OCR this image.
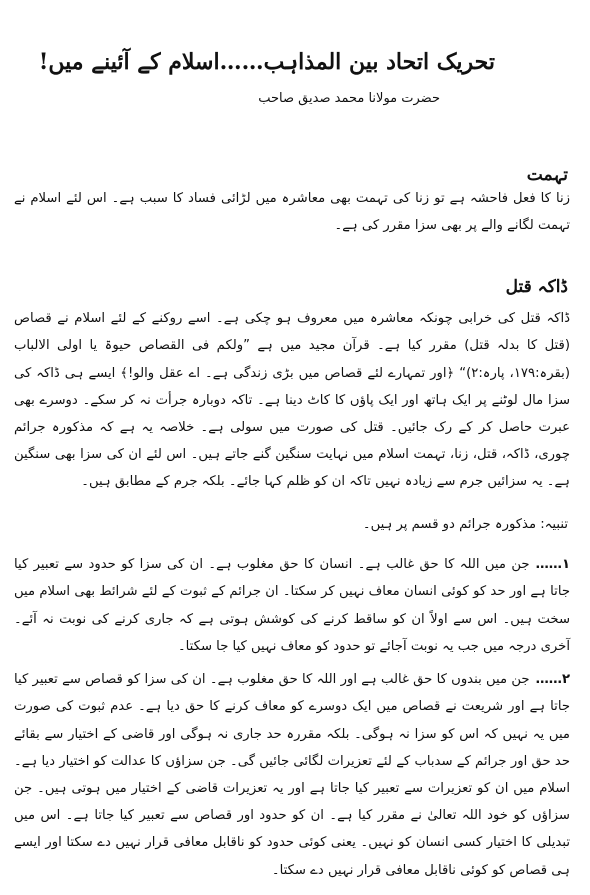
تحریک اتحاد بین المذاہب……اسلام کے آئینے میں!
حضرت مولانا محمد صدیق صاحب
تہمت

زنا کا فعل فاحشہ ہے تو زنا کی تہمت بھی معاشرہ میں لڑائی فساد کا سبب ہے۔ اس لئے اسلام نے تہمت لگانے والے پر بھی سزا مقرر کی ہے۔

ڈاکہ قتل

ڈاکہ قتل کی خرابی چونکہ معاشرہ میں معروف ہو چکی ہے۔ اسے روکنے کے لئے اسلام نے قصاص (قتل کا بدلہ قتل) مقرر کیا ہے۔ قرآن مجید میں ہے ”ولکم فی القصاص حیوۃ یا اولی الالباب (بقرہ:۱۷۹، پارہ:۲)“ ﴿اور تمہارے لئے قصاص میں بڑی زندگی ہے۔ اے عقل والو!﴾ ایسے ہی ڈاکہ کی سزا مال لوٹنے پر ایک ہاتھ اور ایک پاؤں کا کاٹ دینا ہے۔ تاکہ دوبارہ جرأت نہ کر سکے۔ دوسرے بھی عبرت حاصل کر کے رک جائیں۔ قتل کی صورت میں سولی ہے۔ خلاصہ یہ ہے کہ مذکورہ جرائم چوری، ڈاکہ، قتل، زنا، تہمت اسلام میں نہایت سنگین گنے جاتے ہیں۔ اس لئے ان کی سزا بھی سنگین ہے۔ یہ سزائیں جرم سے زیادہ نہیں تاکہ ان کو ظلم کہا جائے۔ بلکہ جرم کے مطابق ہیں۔

تنبیہ: مذکورہ جرائم دو قسم پر ہیں۔

۱……جن میں اللہ کا حق غالب ہے۔ انسان کا حق مغلوب ہے۔ ان کی سزا کو حدود سے تعبیر کیا جاتا ہے اور حد کو کوئی انسان معاف نہیں کر سکتا۔ ان جرائم کے ثبوت کے لئے شرائط بھی اسلام میں سخت ہیں۔ اس سے اولاً ان کو ساقط کرنے کی کوشش ہوتی ہے کہ جاری کرنے کی نوبت نہ آئے۔ آخری درجہ میں جب یہ نوبت آجائے تو حدود کو معاف نہیں کیا جا سکتا۔

۲……جن میں بندوں کا حق غالب ہے اور اللہ کا حق مغلوب ہے۔ ان کی سزا کو قصاص سے تعبیر کیا جاتا ہے اور شریعت نے قصاص میں ایک دوسرے کو معاف کرنے کا حق دیا ہے۔ عدم ثبوت کی صورت میں یہ نہیں کہ اس کو سزا نہ ہوگی۔ بلکہ مقررہ حد جاری نہ ہوگی اور قاضی کے اختیار سے بقائے حد حق اور جرائم کے سدباب کے لئے تعزیرات لگائی جائیں گی۔ جن سزاؤں کا عدالت کو اختیار دیا ہے۔ اسلام میں ان کو تعزیرات سے تعبیر کیا جاتا ہے اور یہ تعزیرات قاضی کے اختیار میں ہوتی ہیں۔ جن سزاؤں کو خود اللہ تعالیٰ نے مقرر کیا ہے۔ ان کو حدود اور قصاص سے تعبیر کیا جاتا ہے۔ اس میں تبدیلی کا اختیار کسی انسان کو نہیں۔ یعنی کوئی حدود کو ناقابل معافی قرار نہیں دے سکتا اور ایسے ہی قصاص کو کوئی ناقابل معافی قرار نہیں دے سکتا۔
